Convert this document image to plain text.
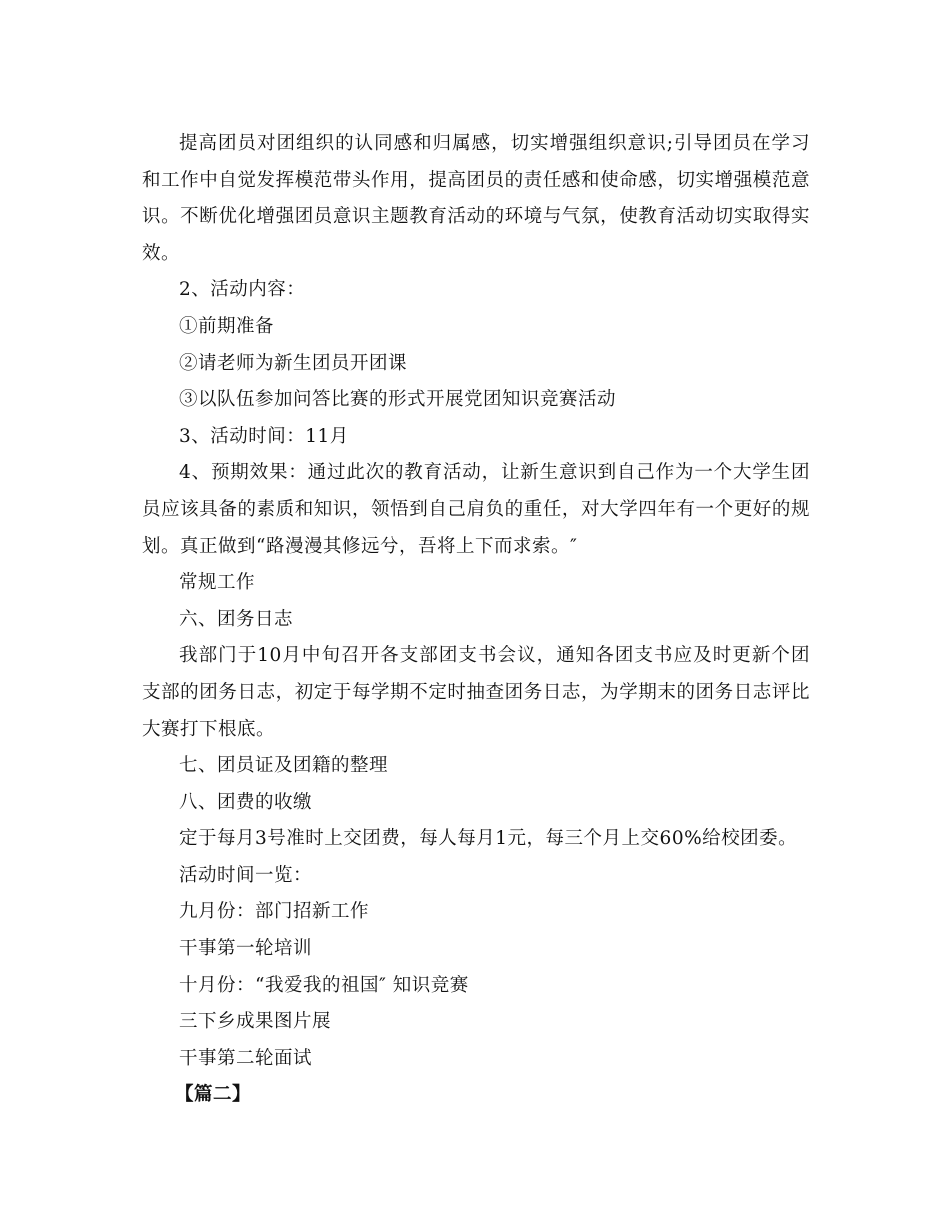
提高团员对团组织的认同感和归属感，切实增强组织意识;引导团员在学习和工作中自觉发挥模范带头作用，提高团员的责任感和使命感，切实增强模范意识。不断优化增强团员意识主题教育活动的环境与气氛，使教育活动切实取得实效。

2、活动内容：

①前期准备

②请老师为新生团员开团课

③以队伍参加问答比赛的形式开展党团知识竞赛活动

3、活动时间：11月

4、预期效果：通过此次的教育活动，让新生意识到自己作为一个大学生团员应该具备的素质和知识，领悟到自己肩负的重任，对大学四年有一个更好的规划。真正做到“路漫漫其修远兮，吾将上下而求索。″

常规工作

六、团务日志

我部门于10月中旬召开各支部团支书会议，通知各团支书应及时更新个团支部的团务日志，初定于每学期不定时抽查团务日志，为学期末的团务日志评比大赛打下根底。

七、团员证及团籍的整理

八、团费的收缴

定于每月3号准时上交团费，每人每月1元，每三个月上交60%给校团委。

活动时间一览：

九月份：部门招新工作

干事第一轮培训

十月份：“我爱我的祖国″ 知识竞赛

三下乡成果图片展

干事第二轮面试

【篇二】
